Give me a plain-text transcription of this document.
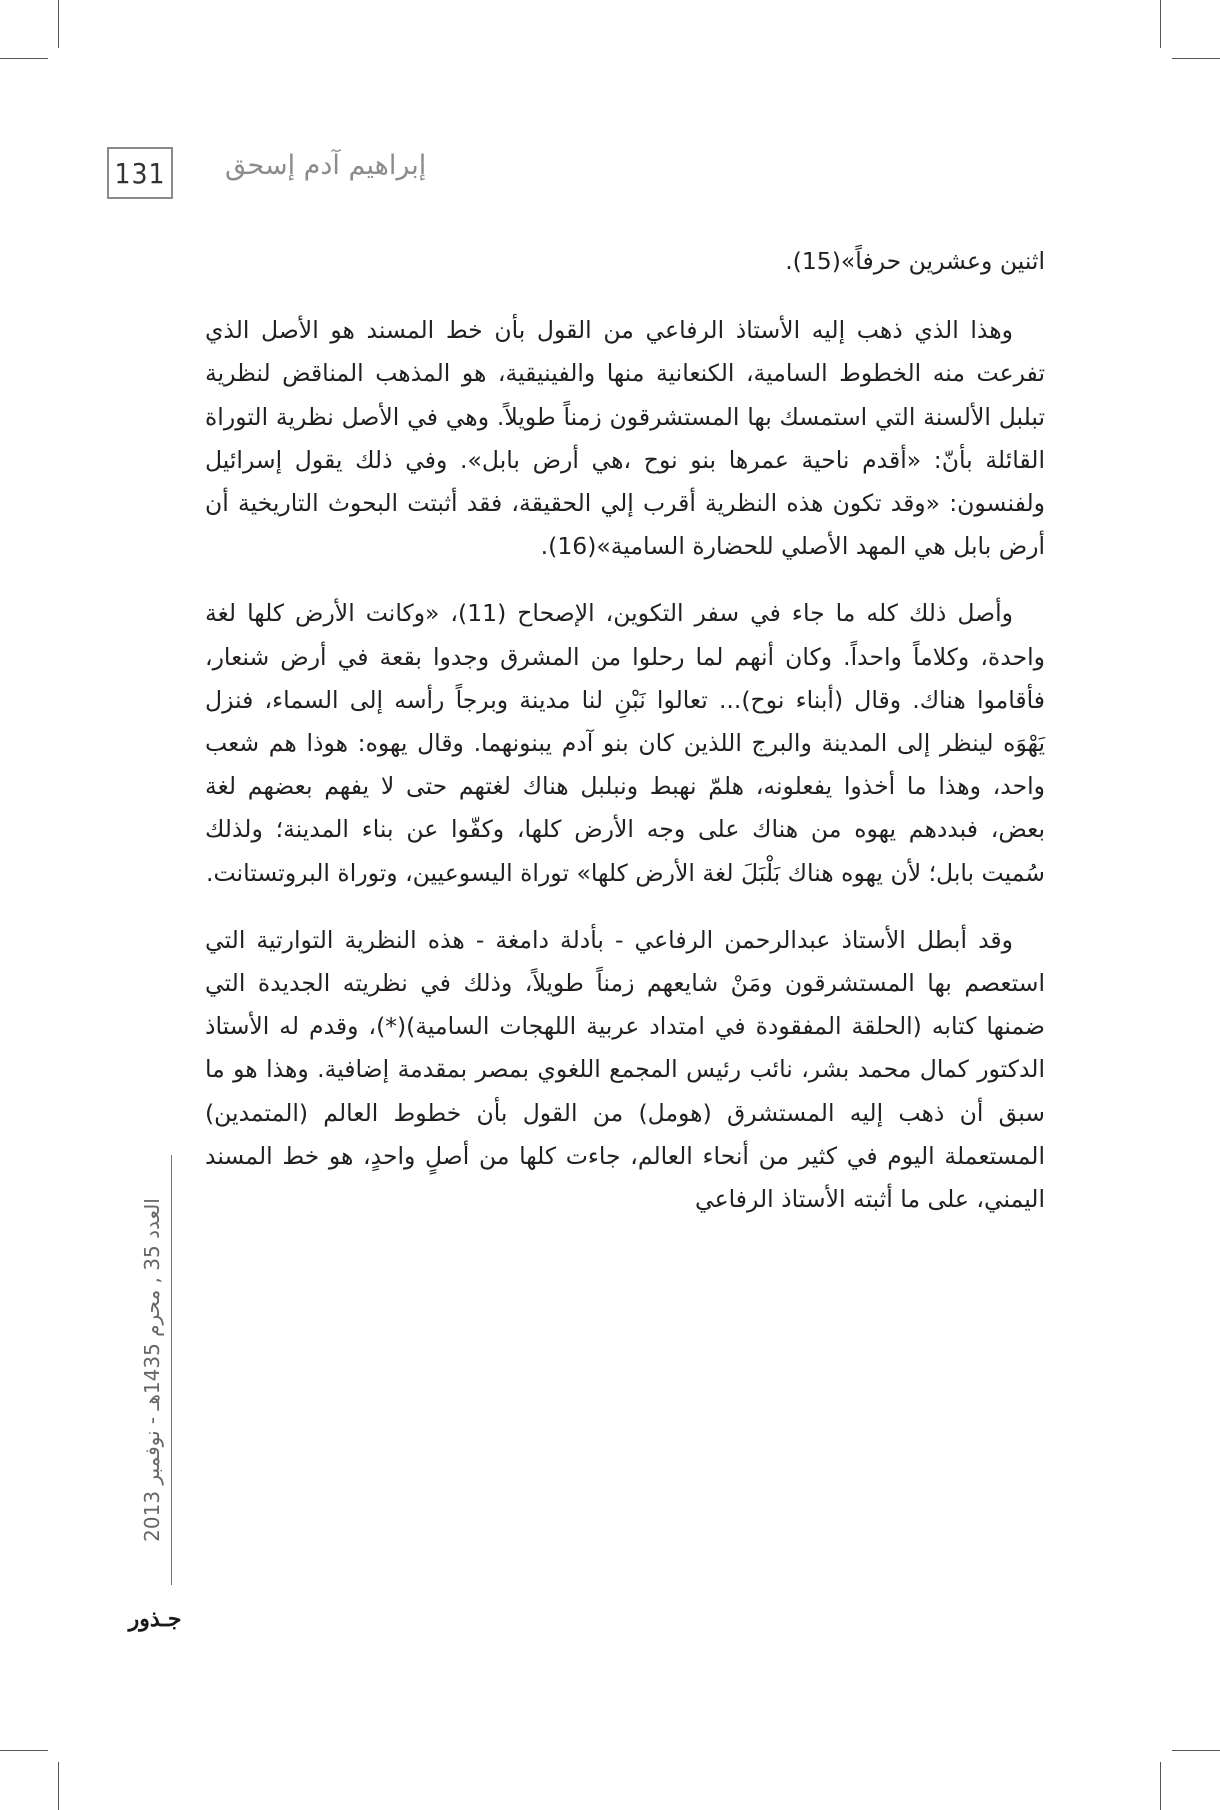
131 إبراهيم آدم إسحق

اثنين وعشرين حرفاً»(15).

وهذا الذي ذهب إليه الأستاذ الرفاعي من القول بأن خط المسند هو الأصل الذي تفرعت منه الخطوط السامية، الكنعانية منها والفينيقية، هو المذهب المناقض لنظرية تبلبل الألسنة التي استمسك بها المستشرقون زمناً طويلاً. وهي في الأصل نظرية التوراة القائلة بأنّ: «أقدم ناحية عمرها بنو نوح ،هي أرض بابل». وفي ذلك يقول إسرائيل ولفنسون: «وقد تكون هذه النظرية أقرب إلي الحقيقة، فقد أثبتت البحوث التاريخية أن أرض بابل هي المهد الأصلي للحضارة السامية»(16).

وأصل ذلك كله ما جاء في سفر التكوين، الإصحاح (11)، «وكانت الأرض كلها لغة واحدة، وكلاماً واحداً. وكان أنهم لما رحلوا من المشرق وجدوا بقعة في أرض شنعار، فأقاموا هناك. وقال (أبناء نوح)... تعالوا نَبْنِ لنا مدينة وبرجاً رأسه إلى السماء، فنزل يَهْوَه لينظر إلى المدينة والبرج اللذين كان بنو آدم يبنونهما. وقال يهوه: هوذا هم شعب واحد، وهذا ما أخذوا يفعلونه، هلمّ نهبط ونبلبل هناك لغتهم حتى لا يفهم بعضهم لغة بعض، فبددهم يهوه من هناك على وجه الأرض كلها، وكفّوا عن بناء المدينة؛ ولذلك سُميت بابل؛ لأن يهوه هناك بَلْبَلَ لغة الأرض كلها» توراة اليسوعيين، وتوراة البروتستانت.

وقد أبطل الأستاذ عبدالرحمن الرفاعي - بأدلة دامغة - هذه النظرية التوارتية التي استعصم بها المستشرقون ومَنْ شايعهم زمناً طويلاً، وذلك في نظريته الجديدة التي ضمنها كتابه (الحلقة المفقودة في امتداد عربية اللهجات السامية)(*)، وقدم له الأستاذ الدكتور كمال محمد بشر، نائب رئيس المجمع اللغوي بمصر بمقدمة إضافية. وهذا هو ما سبق أن ذهب إليه المستشرق (هومل) من القول بأن خطوط العالم (المتمدين) المستعملة اليوم في كثير من أنحاء العالم، جاءت كلها من أصلٍ واحدٍ، هو خط المسند اليمني، على ما أثبته الأستاذ الرفاعي

العدد 35 , محرم 1435هـ - نوفمبر 2013
جـذور
